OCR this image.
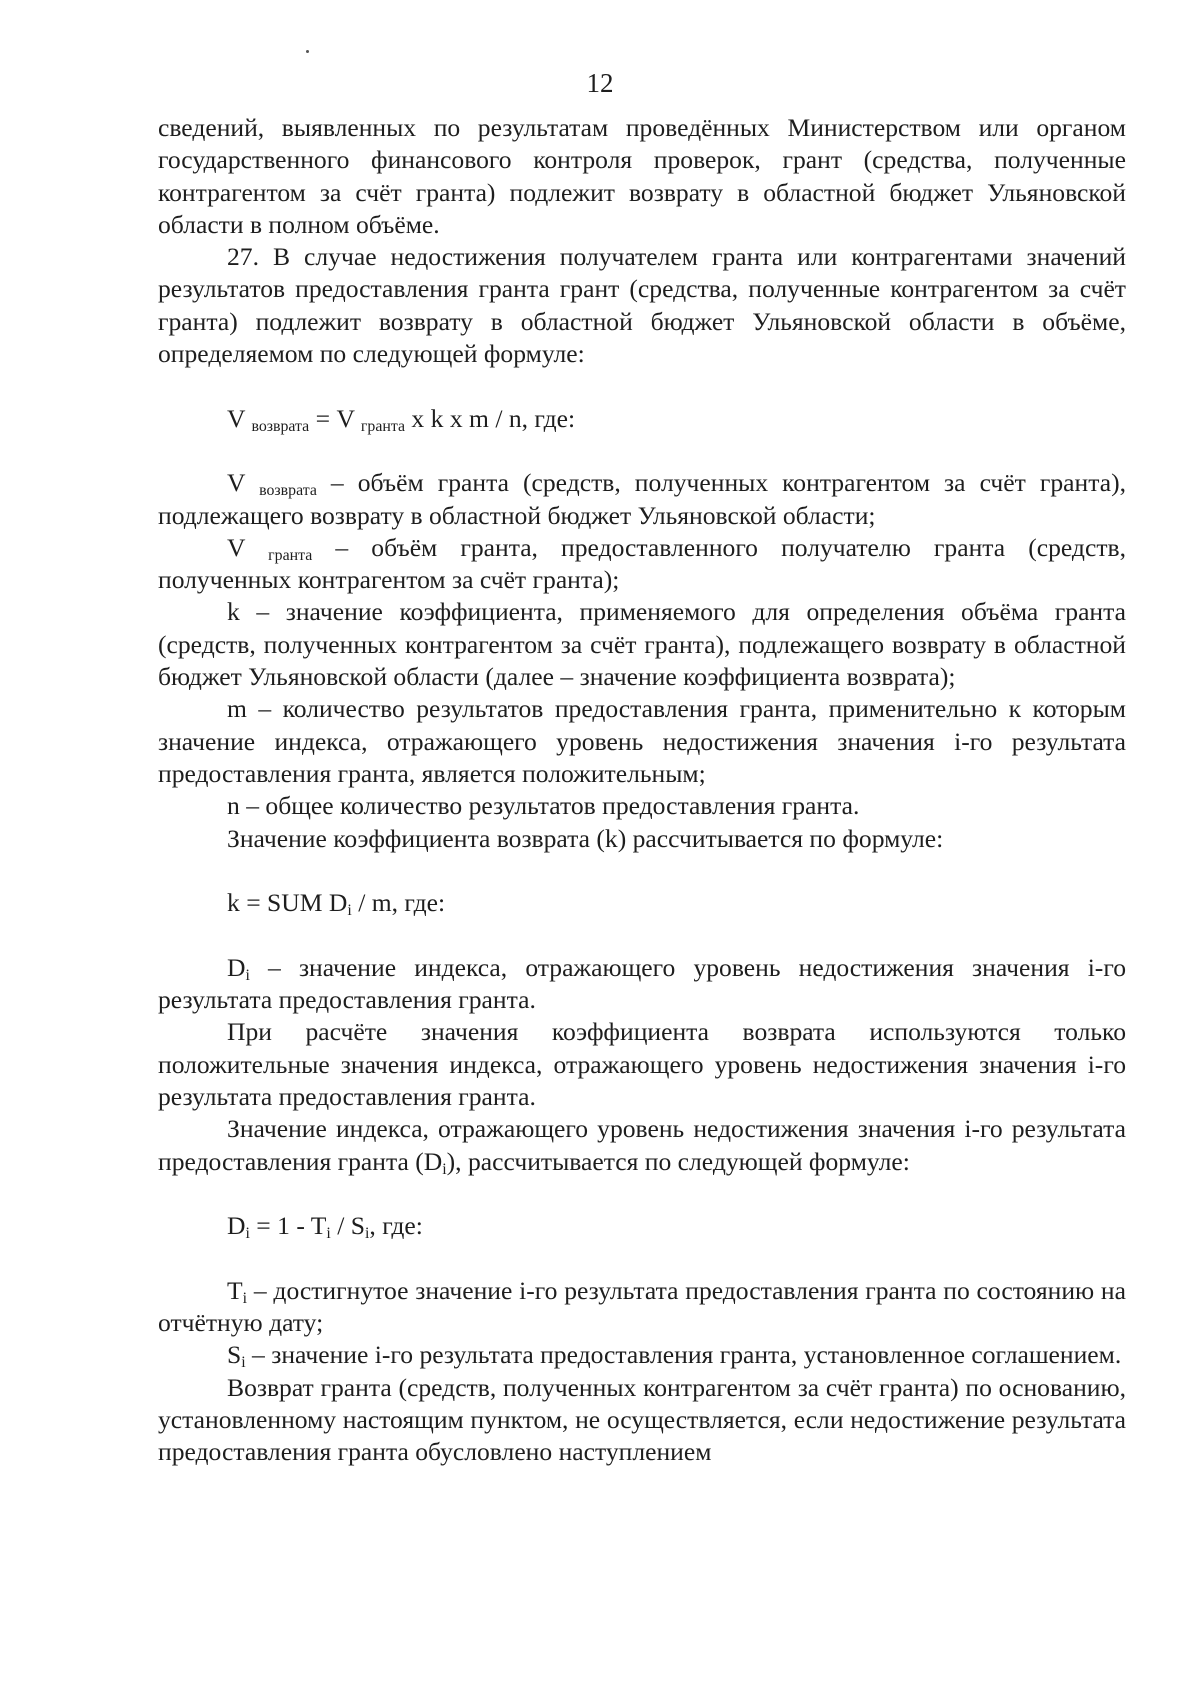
12

сведений, выявленных по результатам проведённых Министерством или органом государственного финансового контроля проверок, грант (средства, полученные контрагентом за счёт гранта) подлежит возврату в областной бюджет Ульяновской области в полном объёме.

27. В случае недостижения получателем гранта или контрагентами значений результатов предоставления гранта грант (средства, полученные контрагентом за счёт гранта) подлежит возврату в областной бюджет Ульяновской области в объёме, определяемом по следующей формуле:

V $_{возврата}$ = V $_{гранта}$ x k x m / n, где:

V $_{возврата}$ – объём гранта (средств, полученных контрагентом за счёт гранта), подлежащего возврату в областной бюджет Ульяновской области;

V $_{гранта}$ – объём гранта, предоставленного получателю гранта (средств, полученных контрагентом за счёт гранта);

k – значение коэффициента, применяемого для определения объёма гранта (средств, полученных контрагентом за счёт гранта), подлежащего возврату в областной бюджет Ульяновской области (далее – значение коэффициента возврата);

m – количество результатов предоставления гранта, применительно к которым значение индекса, отражающего уровень недостижения значения i-го результата предоставления гранта, является положительным;

n – общее количество результатов предоставления гранта.

Значение коэффициента возврата (k) рассчитывается по формуле:

k = SUM $D_i$ / m, где:

$D_i$ – значение индекса, отражающего уровень недостижения значения i-го результата предоставления гранта.

При расчёте значения коэффициента возврата используются только положительные значения индекса, отражающего уровень недостижения значения i-го результата предоставления гранта.

Значение индекса, отражающего уровень недостижения значения i-го результата предоставления гранта $(D_i)$, рассчитывается по следующей формуле:

$D_i = 1 - T_i / S_i$, где:

$T_i$ – достигнутое значение i-го результата предоставления гранта по состоянию на отчётную дату;

$S_i$ – значение i-го результата предоставления гранта, установленное соглашением.

Возврат гранта (средств, полученных контрагентом за счёт гранта) по основанию, установленному настоящим пунктом, не осуществляется, если недостижение результата предоставления гранта обусловлено наступлением
